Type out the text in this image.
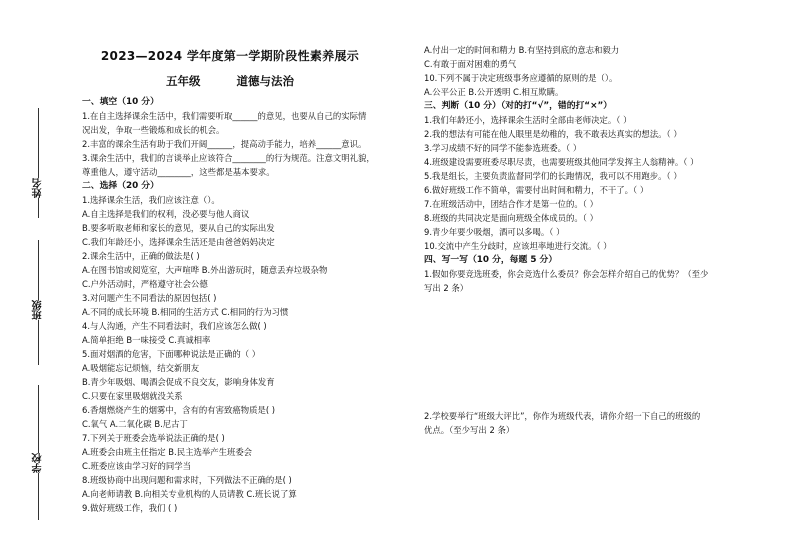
姓名
班级
学校
2023—2024 学年度第一学期阶段性素养展示
五年级	道德与法治
一、填空（10 分）
1.在自主选择课余生活中，我们需要听取______的意见，也要从自己的实际情
况出发，争取一些锻炼和成长的机会。
2.丰富的课余生活有助于我们开阔______，提高动手能力，培养______意识。
3.课余生活中，我们的言谈举止应该符合________的行为规范。注意文明礼貌，
尊重他人，遵守活动________，这些都是基本要求。
二、选择（20 分）
1.选择课余生活，我们应该注意（）。
A.自主选择是我们的权利，没必要与他人商议
B.要多听取老师和家长的意见，要从自己的实际出发
C.我们年龄还小，选择课余生活还是由爸爸妈妈决定
2.课余生活中，正确的做法是( )
A.在图书馆或阅览室，大声喧哗 B.外出游玩时，随意丢弃垃圾杂物
C.户外活动时，严格遵守社会公德
3.对问题产生不同看法的原因包括( )
A.不同的成长环境 B.相同的生活方式 C.相同的行为习惯
4.与人沟通，产生不同看法时，我们应该怎么做( )
A.简单拒绝 B一味接受 C.真诚相率
5.面对烟酒的危害，下面哪种说法是正确的（ ）
A.吸烟能忘记烦恼，结交新朋友
B.青少年吸烟、喝酒会促成不良交友，影响身体发育
C.只要在家里吸烟就没关系
6.香烟燃烧产生的烟雾中，含有的有害致癌物质是( )
C.氧气 A.二氧化碳 B.尼古丁
7.下列关于班委会选举说法正确的是( )
A.班委会由班主任指定 B.民主选举产生班委会
C.班委应该由学习好的同学当
8.班级协商中出现问题和需求时，下列做法不正确的是( )
A.向老师请教 B.向相关专业机构的人员请教 C.班长说了算
9.做好班级工作，我们 ( )
A.付出一定的时间和精力 B.有坚持到底的意志和毅力
C.有敢于面对困难的勇气
10.下列不属于决定班级事务应遵循的原则的是（）。
A.公平公正 B.公开透明 C.相互欺瞒。
三、判断（10 分）（对的打“√”，错的打“×”）
1.我们年龄还小，选择课余生活时全部由老师决定。（ ）
2.我的想法有可能在他人眼里是幼稚的，我不敢表达真实的想法。（ ）
3.学习成绩不好的同学不能参选班委。（ ）
4.班级建设需要班委尽职尽责，也需要班级其他同学发挥主人翁精神。（ ）
5.我是组长，主要负责监督同学们的长跑情况，我可以不用跑步。（ ）
6.做好班级工作不简单，需要付出时间和精力，不干了。（ ）
7.在班级活动中，团结合作才是第一位的。（ ）
8.班级的共同决定是面向班级全体成员的。（ ）
9.青少年要少吸烟，酒可以多喝。（ ）
10.交流中产生分歧时，应该坦率地进行交流。（ ）
四、写一写（10 分，每题 5 分）
1.假如你要竞选班委，你会竞选什么委员？你会怎样介绍自己的优势？（至少
写出 2 条）
2.学校要举行“班级大评比”，你作为班级代表，请你介绍一下自己的班级的
优点。（至少写出 2 条）
